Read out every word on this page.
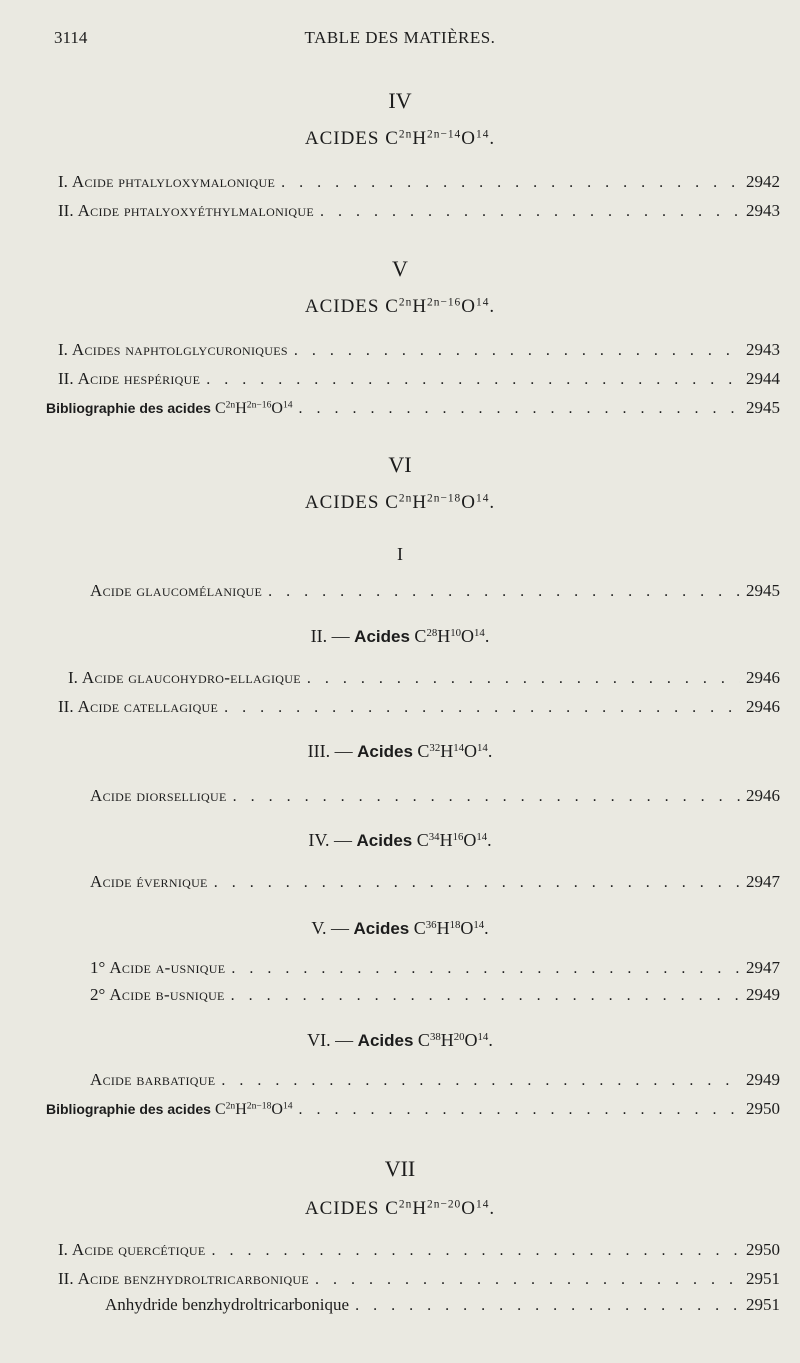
3114	TABLE DES MATIÈRES.
IV
ACIDES $C^{2n}H^{2n-14}O^{14}$.
I. Acide phtalyloxymalonique . . .	2942
II. Acide phtalyoxyéthylmalonique . . .	2943
V
ACIDES $C^{2n}H^{2n-16}O^{14}$.
I. Acides naphtolglycuroniques . . .	2943
II. Acide hespérique . . .	2944
Bibliographie des acides $C^{2n}H^{2n-16}O^{14}$ . . .	2945
VI
ACIDES $C^{2n}H^{2n-18}O^{14}$.
I
Acide glaucomélanique . . .	2945
II. — Acides $C^{28}H^{10}O^{14}$.
I. Acide glaucohydro-ellagique . . .	2946
II. Acide catellagique . . .	2946
III. — Acides $C^{32}H^{14}O^{14}$.
Acide diorsellique . . .	2946
IV. — Acides $C^{34}H^{16}O^{14}$.
Acide évernique . . .	2947
V. — Acides $C^{36}H^{18}O^{14}$.
1° Acide α-usnique . . .	2947
2° Acide β-usnique . . .	2949
VI. — Acides $C^{38}H^{20}O^{14}$.
Acide barbatique . . .	2949
Bibliographie des acides $C^{2n}H^{2n-18}O^{14}$ . . .	2950
VII
ACIDES $C^{2n}H^{2n-20}O^{14}$.
I. Acide quercétique . . .	2950
II. Acide benzhydroltricarbonique . . .	2951
Anhydride benzhydroltricarbonique . . .	2951
